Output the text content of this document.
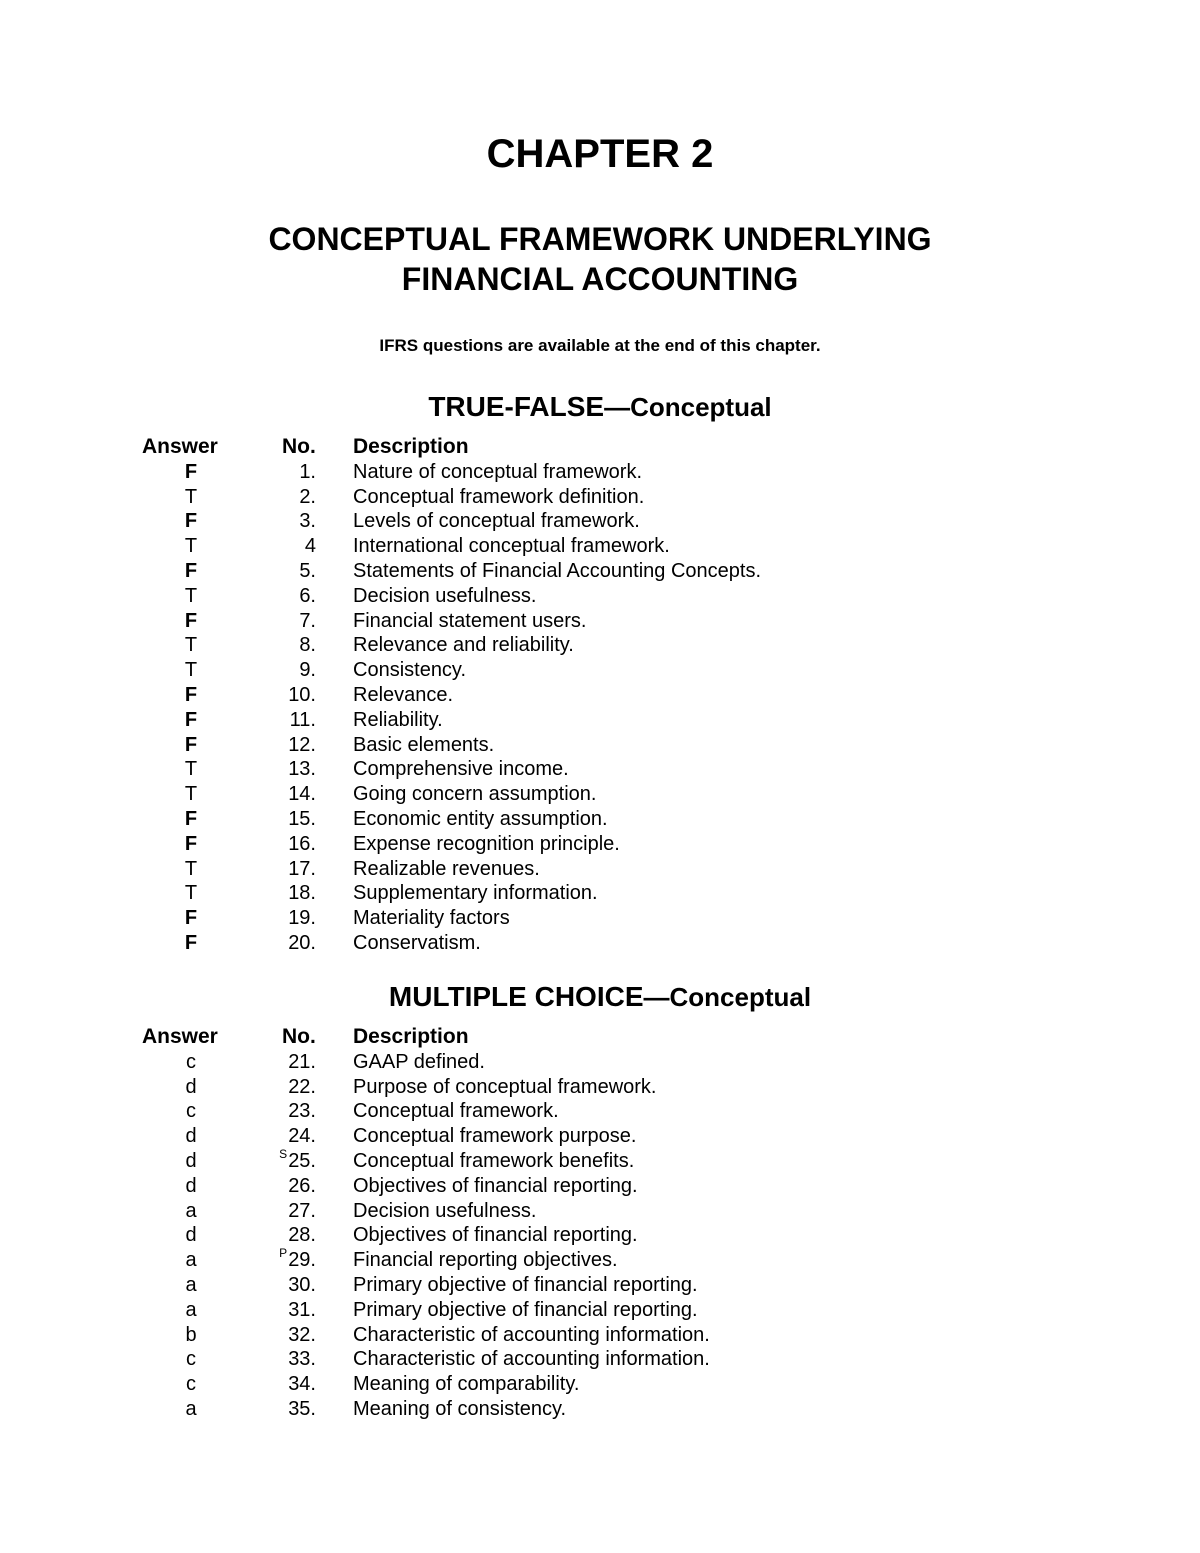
CHAPTER 2
CONCEPTUAL FRAMEWORK UNDERLYING
FINANCIAL ACCOUNTING
IFRS questions are available at the end of this chapter.
TRUE-FALSE—Conceptual
Answer	No. Description
F	1. Nature of conceptual framework.
T	2. Conceptual framework definition.
F	3. Levels of conceptual framework.
T	4 International conceptual framework.
F	5. Statements of Financial Accounting Concepts.
T	6. Decision usefulness.
F	7. Financial statement users.
T	8. Relevance and reliability.
T	9. Consistency.
F	10. Relevance.
F	11. Reliability.
F	12. Basic elements.
T	13. Comprehensive income.
T	14. Going concern assumption.
F	15. Economic entity assumption.
F	16. Expense recognition principle.
T	17. Realizable revenues.
T	18. Supplementary information.
F	19. Materiality factors
F	20. Conservatism.
MULTIPLE CHOICE—Conceptual
Answer	No. Description
c	21. GAAP defined.
d	22. Purpose of conceptual framework.
c	23. Conceptual framework.
d	24. Conceptual framework purpose.
d	$^S$25. Conceptual framework benefits.
d	26. Objectives of financial reporting.
a	27. Decision usefulness.
d	28. Objectives of financial reporting.
a	$^P$29. Financial reporting objectives.
a	30. Primary objective of financial reporting.
a	31. Primary objective of financial reporting.
b	32. Characteristic of accounting information.
c	33. Characteristic of accounting information.
c	34. Meaning of comparability.
a	35. Meaning of consistency.
